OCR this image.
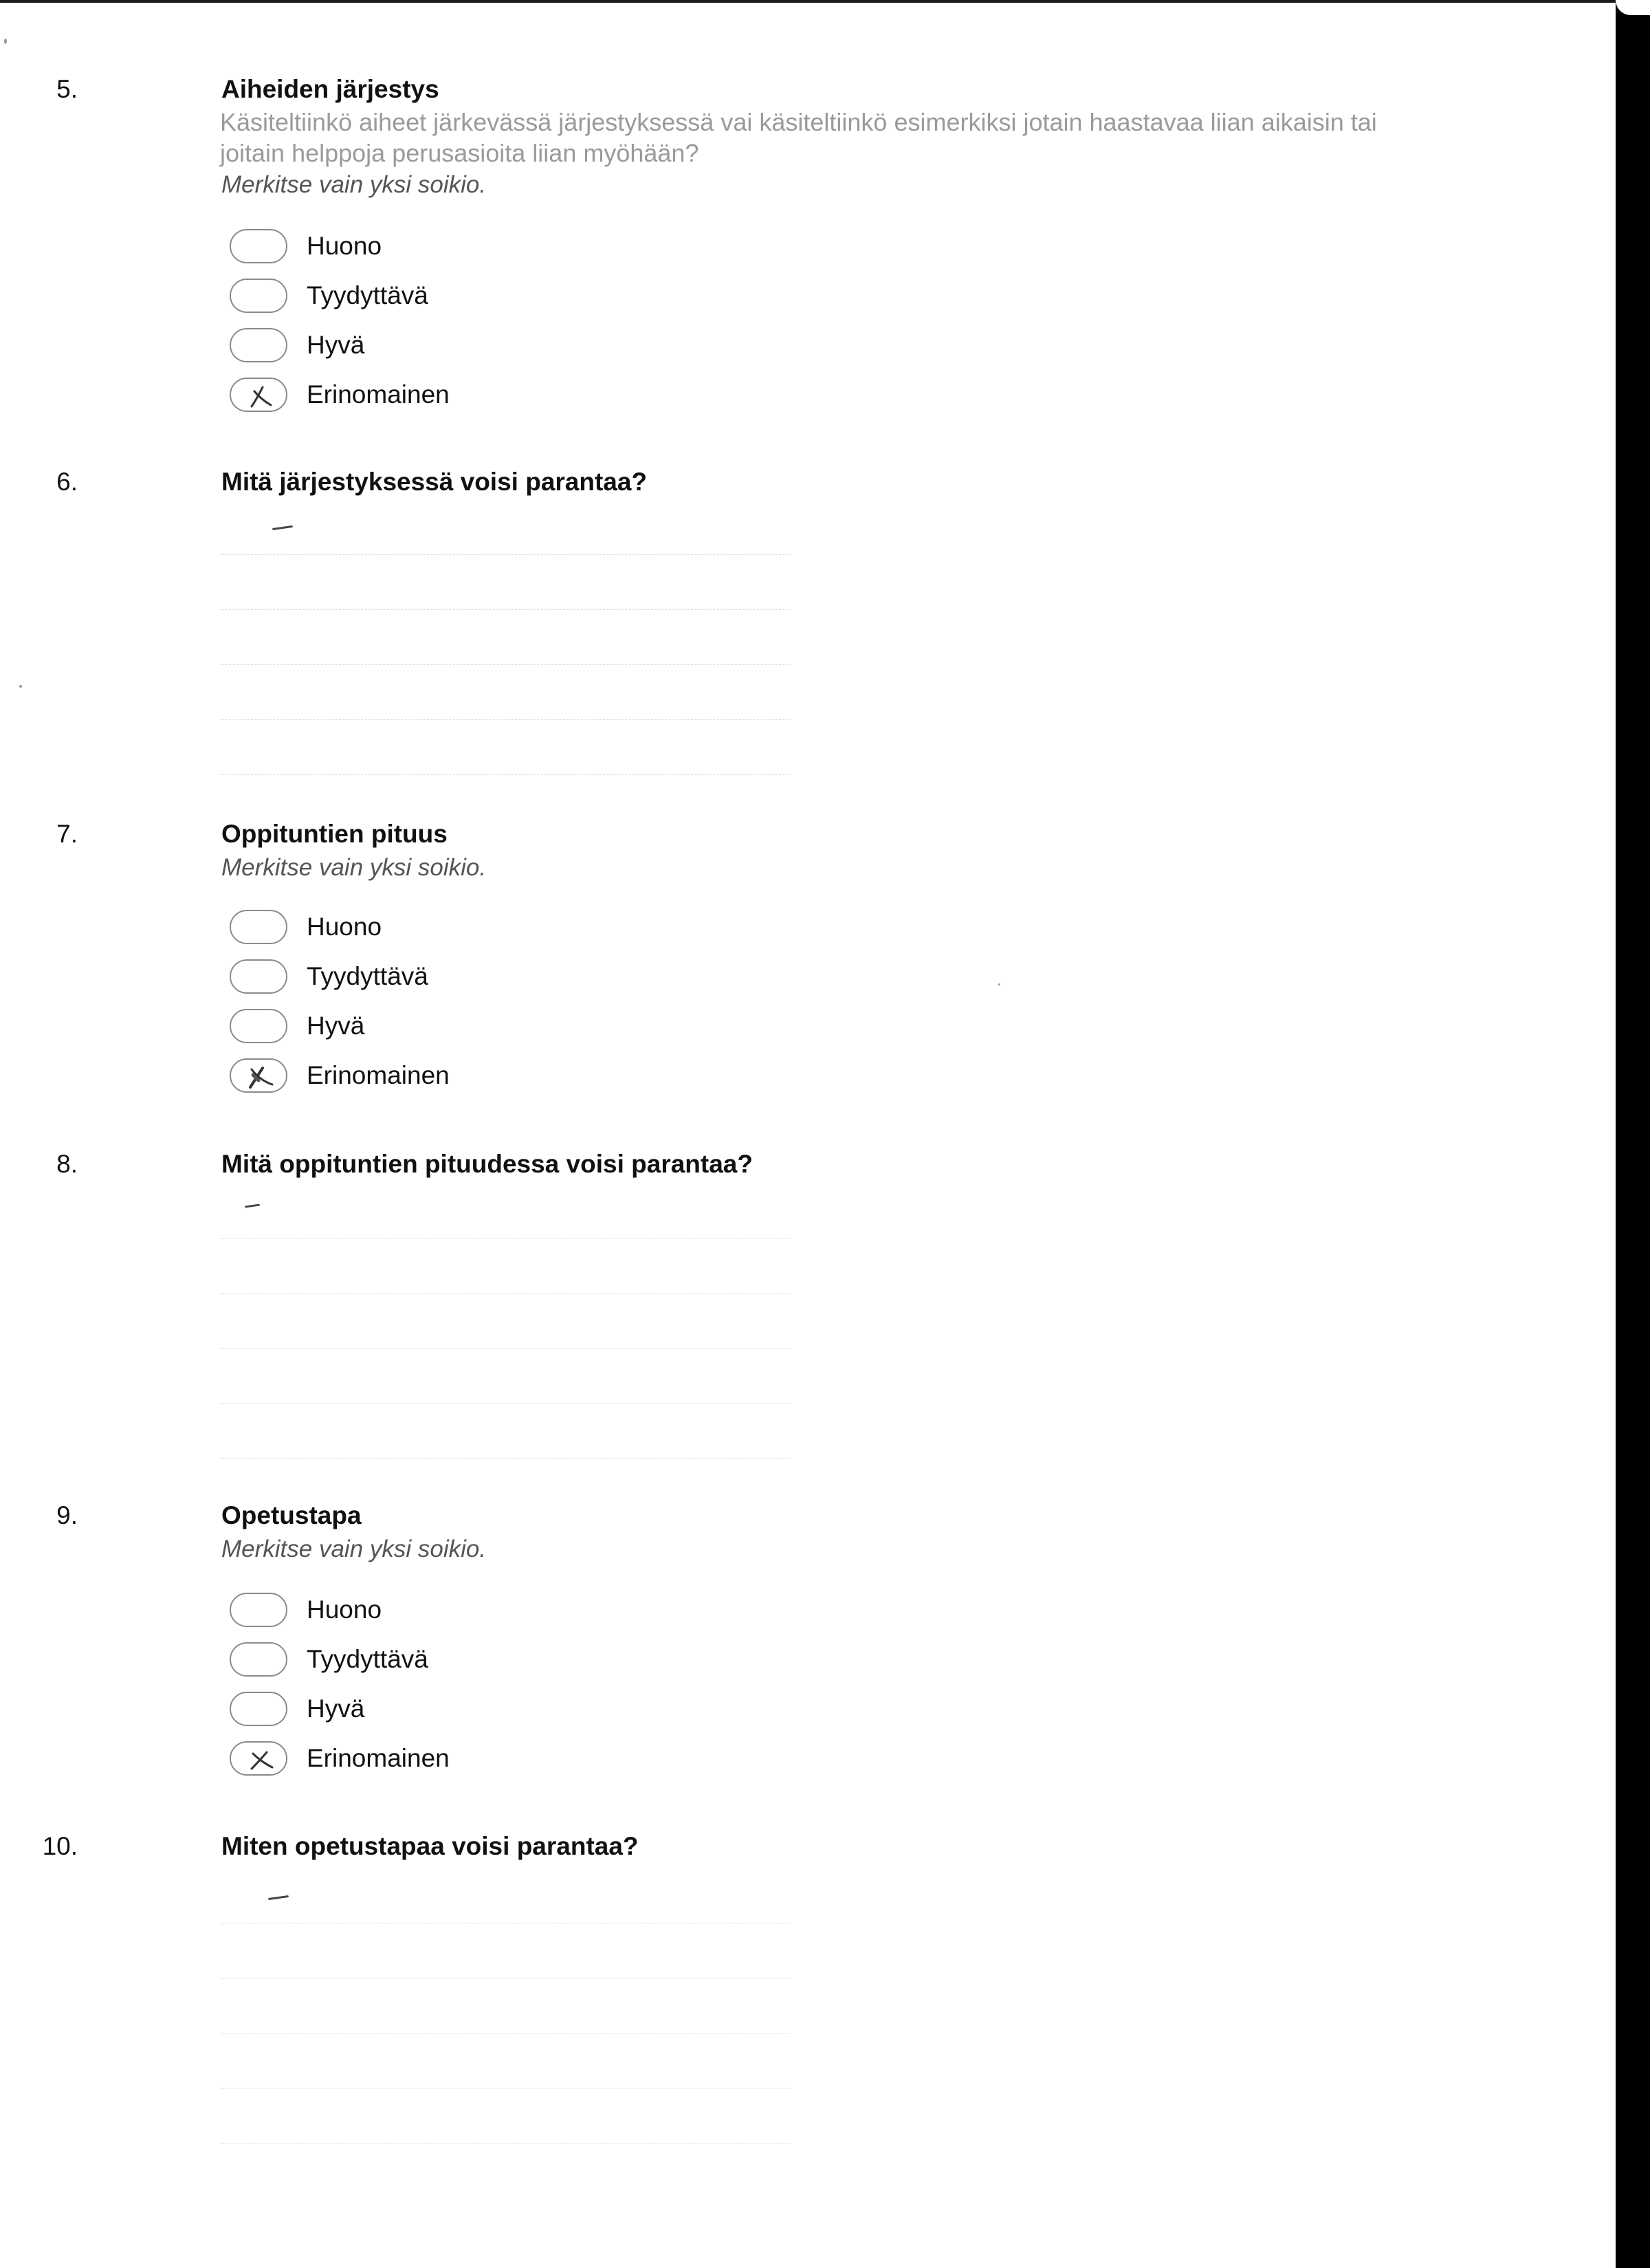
5.	Aiheiden järjestys
Käsiteltiinkö aiheet järkevässä järjestyksessä vai käsiteltiinkö esimerkiksi jotain haastavaa liian aikaisin tai joitain helppoja perusasioita liian myöhään?
Merkitse vain yksi soikio.
Huono
Tyydyttävä
Hyvä
Erinomainen
6.	Mitä järjestyksessä voisi parantaa?
7.	Oppituntien pituus
Merkitse vain yksi soikio.
Huono
Tyydyttävä
Hyvä
Erinomainen
8.	Mitä oppituntien pituudessa voisi parantaa?
9.	Opetustapa
Merkitse vain yksi soikio.
Huono
Tyydyttävä
Hyvä
Erinomainen
10.	Miten opetustapaa voisi parantaa?
